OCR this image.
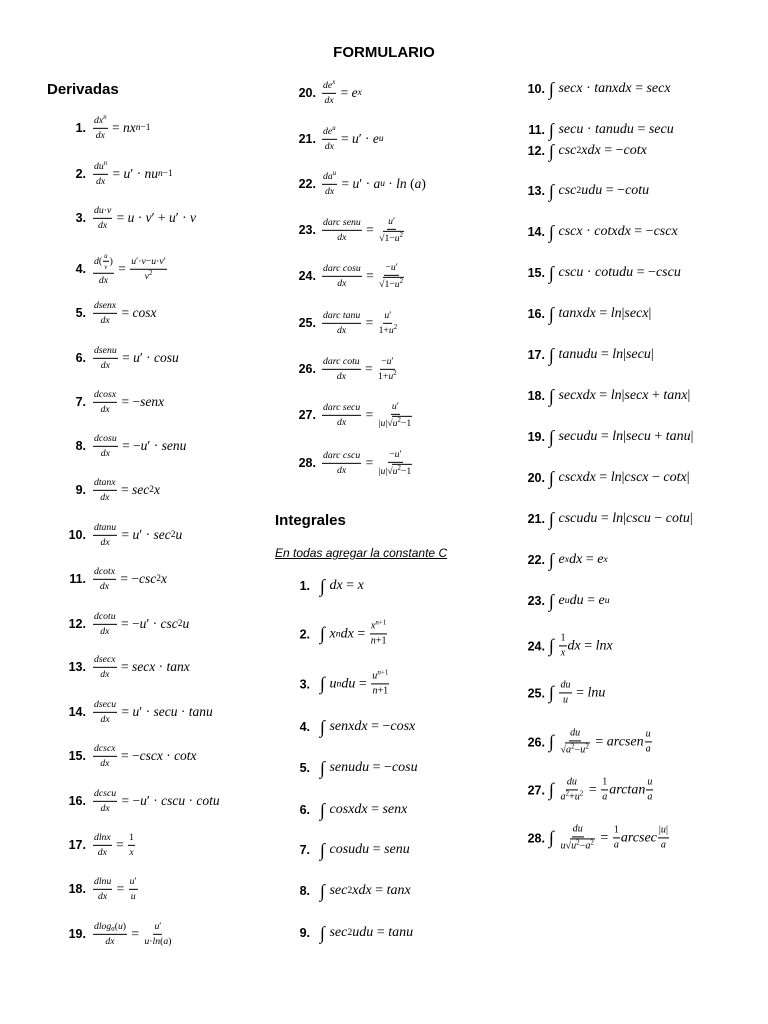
FORMULARIO
Derivadas
Integrales
En todas agregar la constante C
1. $\frac{dx^n}{dx}$ = nx n−1
2. $\frac{du^n}{dx} = u$ ′ · nu n−1
3. $\frac{du\cdot v}{dx} = u \cdot v$ ′ + u ′ · v
4. $\frac{d( \frac{u}{v} )}{dx} = \frac{u'\cdot v-u\cdot v'}{v^2}$
5. $\frac{\text{dsenx}}{dx} = \cos x$
6. $\frac{\text{dsenu}}{dx} = u$ ′ · cosu
7. $\frac{dcosx}{dx}$ = − senx
8. $\frac{dcosu}{dx}$ = − u ′ · senu
9. $\frac{dtanx}{dx} = \sec 2$ x
10. $\frac{dtanu}{dx} = u$ ′ · sec 2 u
11. $\frac{dcotx}{dx}$ = − csc 2 x
12. $\frac{dcotu}{dx}$ = − u ′ · csc 2 u
13. $\frac{dsecx}{dx} = \sec x \cdot \tan x$
14. $\frac{dsecu}{dx} = u$ ′ · secu · tanu
15. $\frac{dcscx}{dx}$ = − cscx · cotx
16. $\frac{dcscu}{dx}$ = − u ′ · cscu · cotu
17. $\frac{dlnx}{dx} = \frac{1}{x}$
18. $\frac{dlnu}{dx} = \frac{u'}{u}$
19. $\frac{dlog_a(u)}{dx} = \frac{u'}{u\cdot\ln(a)}$
20. $\frac{de^x}{dx} = e$ x
21. $\frac{de^u}{dx} = u$ ′ · e u
22. $\frac{da^u}{dx} = u$ ′ · a u · ln ( a )
23. $\frac{\text{darc senu}}{dx} = \frac{u'}{√ 1-u^2}$
24. $\frac{\text{darc cosu}}{dx} = \frac{-u'}{√ 1-u^2}$
25. $\frac{\text{darc tanu}}{dx} = \frac{u'}{1+u^2}$
26. $\frac{\text{darc cotu}}{dx} = \frac{-u'}{1+u^2}$
27. $\frac{\text{darc secu}}{dx} = \frac{u'}{|u| √ u^2-1}$
28. $\frac{\text{darc cscu}}{dx} = \frac{-u'}{|u| √ u^2-1}$
1. ∫
dx = x
2. ∫
x n dx = $\frac{x^{n+1}}{n+1}$
3. ∫
u n du = $\frac{u^{n+1}}{n+1}$
4. ∫
senxdx = − cosx
5. ∫
senudu = − cosu
6. ∫
cosxdx = senx
7. ∫
cosudu = senu
8. ∫
sec 2 xdx = tanx
9. ∫
sec 2 udu = tanu
10. ∫
secx · tanxdx = secx
11. ∫
secu · tanudu = secu
12. ∫
csc 2 xdx = − cotx
13. ∫
csc 2 udu = − cotu
14. ∫
cscx · cotxdx = − cscx
15. ∫
cscu · cotudu = − cscu
16. ∫
tanxdx = ln | secx |
17. ∫
tanudu = ln | secu |
18. ∫
secxdx = ln | secx + tanx |
19. ∫
secudu = ln | secu + tanu |
20. ∫
cscxdx = ln | cscx − cotx |
21. ∫
cscudu = ln | cscu − cotu |
22. ∫
e x dx = e x
23. ∫
e u du = e u
24. ∫
$\frac{1}{x}$ dx = lnx
25. ∫
$\frac{du}{u} = \ln u$
26. ∫
$\frac{du}{√ a^2-u^2}$ = arcsen $\frac{u}{a}$
27. ∫
$\frac{du}{a^2+u^2} = \frac{1}{a}$ $\arctan \frac{u}{a}$
28. ∫
$\frac{du}{u √ u^2-a^2} = \frac{1}{a}$ arcsec $\frac{|u|}{a}$
